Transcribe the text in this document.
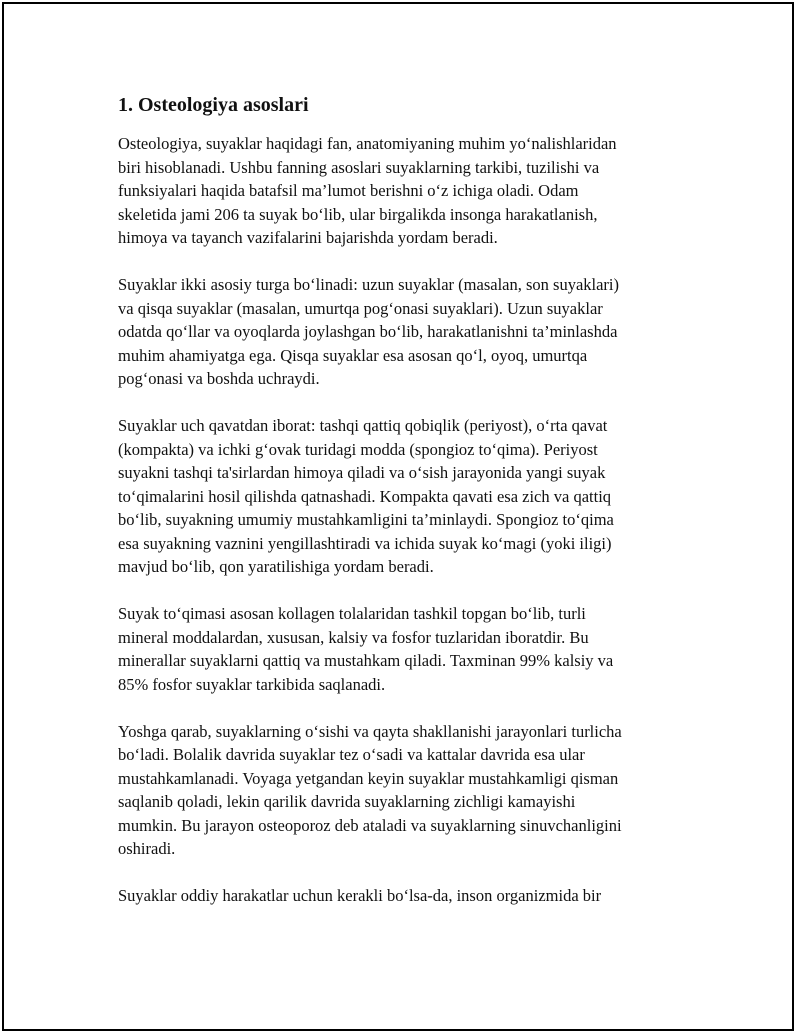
1. Osteologiya asoslari

Osteologiya, suyaklar haqidagi fan, anatomiyaning muhim yo‘nalishlaridan
biri hisoblanadi. Ushbu fanning asoslari suyaklarning tarkibi, tuzilishi va
funksiyalari haqida batafsil ma’lumot berishni o‘z ichiga oladi. Odam
skeletida jami 206 ta suyak bo‘lib, ular birgalikda insonga harakatlanish,
himoya va tayanch vazifalarini bajarishda yordam beradi.

Suyaklar ikki asosiy turga bo‘linadi: uzun suyaklar (masalan, son suyaklari)
va qisqa suyaklar (masalan, umurtqa pog‘onasi suyaklari). Uzun suyaklar
odatda qo‘llar va oyoqlarda joylashgan bo‘lib, harakatlanishni ta’minlashda
muhim ahamiyatga ega. Qisqa suyaklar esa asosan qo‘l, oyoq, umurtqa
pog‘onasi va boshda uchraydi.

Suyaklar uch qavatdan iborat: tashqi qattiq qobiqlik (periyost), o‘rta qavat
(kompakta) va ichki g‘ovak turidagi modda (spongioz to‘qima). Periyost
suyakni tashqi ta'sirlardan himoya qiladi va o‘sish jarayonida yangi suyak
to‘qimalarini hosil qilishda qatnashadi. Kompakta qavati esa zich va qattiq
bo‘lib, suyakning umumiy mustahkamligini ta’minlaydi. Spongioz to‘qima
esa suyakning vaznini yengillashtiradi va ichida suyak ko‘magi (yoki iligi)
mavjud bo‘lib, qon yaratilishiga yordam beradi.

Suyak to‘qimasi asosan kollagen tolalaridan tashkil topgan bo‘lib, turli
mineral moddalardan, xususan, kalsiy va fosfor tuzlaridan iboratdir. Bu
minerallar suyaklarni qattiq va mustahkam qiladi. Taxminan 99% kalsiy va
85% fosfor suyaklar tarkibida saqlanadi.

Yoshga qarab, suyaklarning o‘sishi va qayta shakllanishi jarayonlari turlicha
bo‘ladi. Bolalik davrida suyaklar tez o‘sadi va kattalar davrida esa ular
mustahkamlanadi. Voyaga yetgandan keyin suyaklar mustahkamligi qisman
saqlanib qoladi, lekin qarilik davrida suyaklarning zichligi kamayishi
mumkin. Bu jarayon osteoporoz deb ataladi va suyaklarning sinuvchanligini
oshiradi.

Suyaklar oddiy harakatlar uchun kerakli bo‘lsa-da, inson organizmida bir
